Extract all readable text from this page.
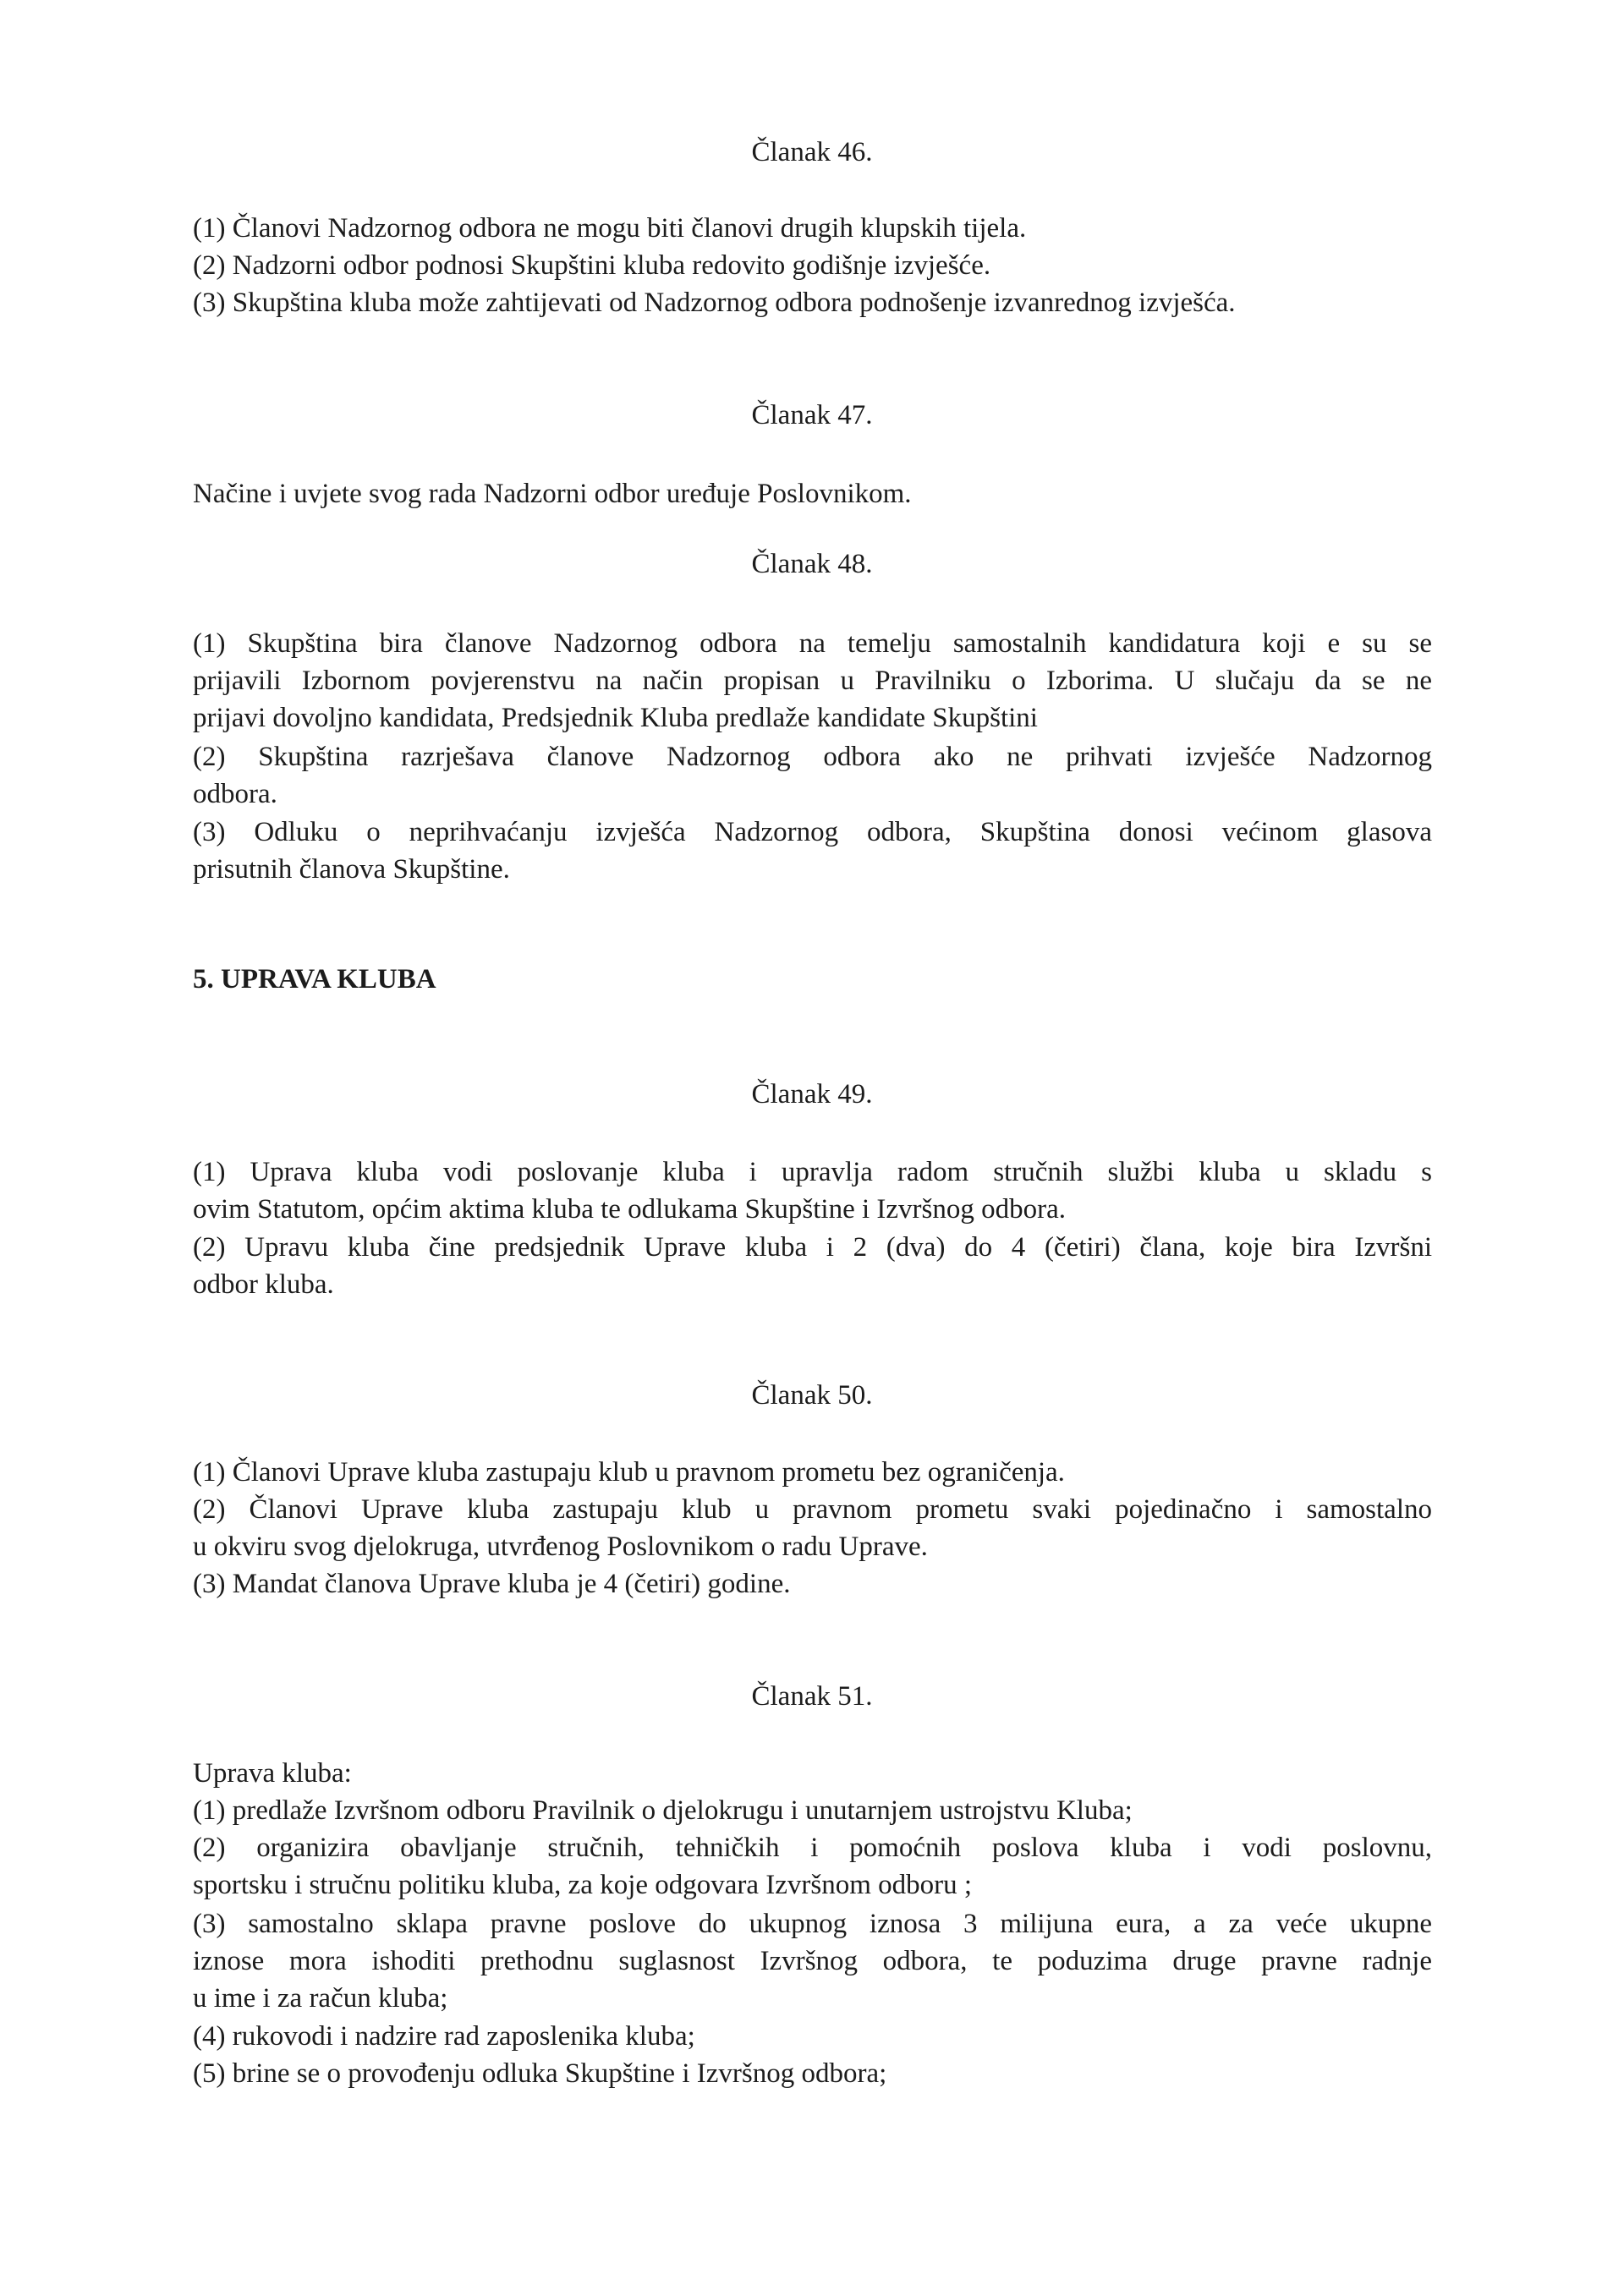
Članak 46.
(1) Članovi Nadzornog odbora ne mogu biti članovi drugih klupskih tijela.
(2) Nadzorni odbor podnosi Skupštini kluba redovito godišnje izvješće.
(3) Skupština kluba može zahtijevati od Nadzornog odbora podnošenje izvanrednog izvješća.
Članak 47.
Načine i uvjete svog rada Nadzorni odbor uređuje Poslovnikom.
Članak 48.
(1) Skupština bira članove Nadzornog odbora na temelju samostalnih kandidatura koji e su se
prijavili Izbornom povjerenstvu na način propisan u Pravilniku o Izborima. U slučaju da se ne
prijavi dovoljno kandidata, Predsjednik Kluba predlaže kandidate Skupštini
(2) Skupština razrješava članove Nadzornog odbora ako ne prihvati izvješće Nadzornog
odbora.
(3) Odluku o neprihvaćanju izvješća Nadzornog odbora, Skupština donosi većinom glasova
prisutnih članova Skupštine.
5. UPRAVA KLUBA
Članak 49.
(1) Uprava kluba vodi poslovanje kluba i upravlja radom stručnih službi kluba u skladu s
ovim Statutom, općim aktima kluba te odlukama Skupštine i Izvršnog odbora.
(2) Upravu kluba čine predsjednik Uprave kluba i 2 (dva) do 4 (četiri) člana, koje bira Izvršni
odbor kluba.
Članak 50.
(1) Članovi Uprave kluba zastupaju klub u pravnom prometu bez ograničenja.
(2) Članovi Uprave kluba zastupaju klub u pravnom prometu svaki pojedinačno i samostalno
u okviru svog djelokruga, utvrđenog Poslovnikom o radu Uprave.
(3) Mandat članova Uprave kluba je 4 (četiri) godine.
Članak 51.
Uprava kluba:
(1) predlaže Izvršnom odboru Pravilnik o djelokrugu i unutarnjem ustrojstvu Kluba;
(2) organizira obavljanje stručnih, tehničkih i pomoćnih poslova kluba i vodi poslovnu,
sportsku i stručnu politiku kluba, za koje odgovara Izvršnom odboru ;
(3) samostalno sklapa pravne poslove do ukupnog iznosa 3 milijuna eura, a za veće ukupne
iznose mora ishoditi prethodnu suglasnost Izvršnog odbora, te poduzima druge pravne radnje
u ime i za račun kluba;
(4) rukovodi i nadzire rad zaposlenika kluba;
(5) brine se o provođenju odluka Skupštine i Izvršnog odbora;
